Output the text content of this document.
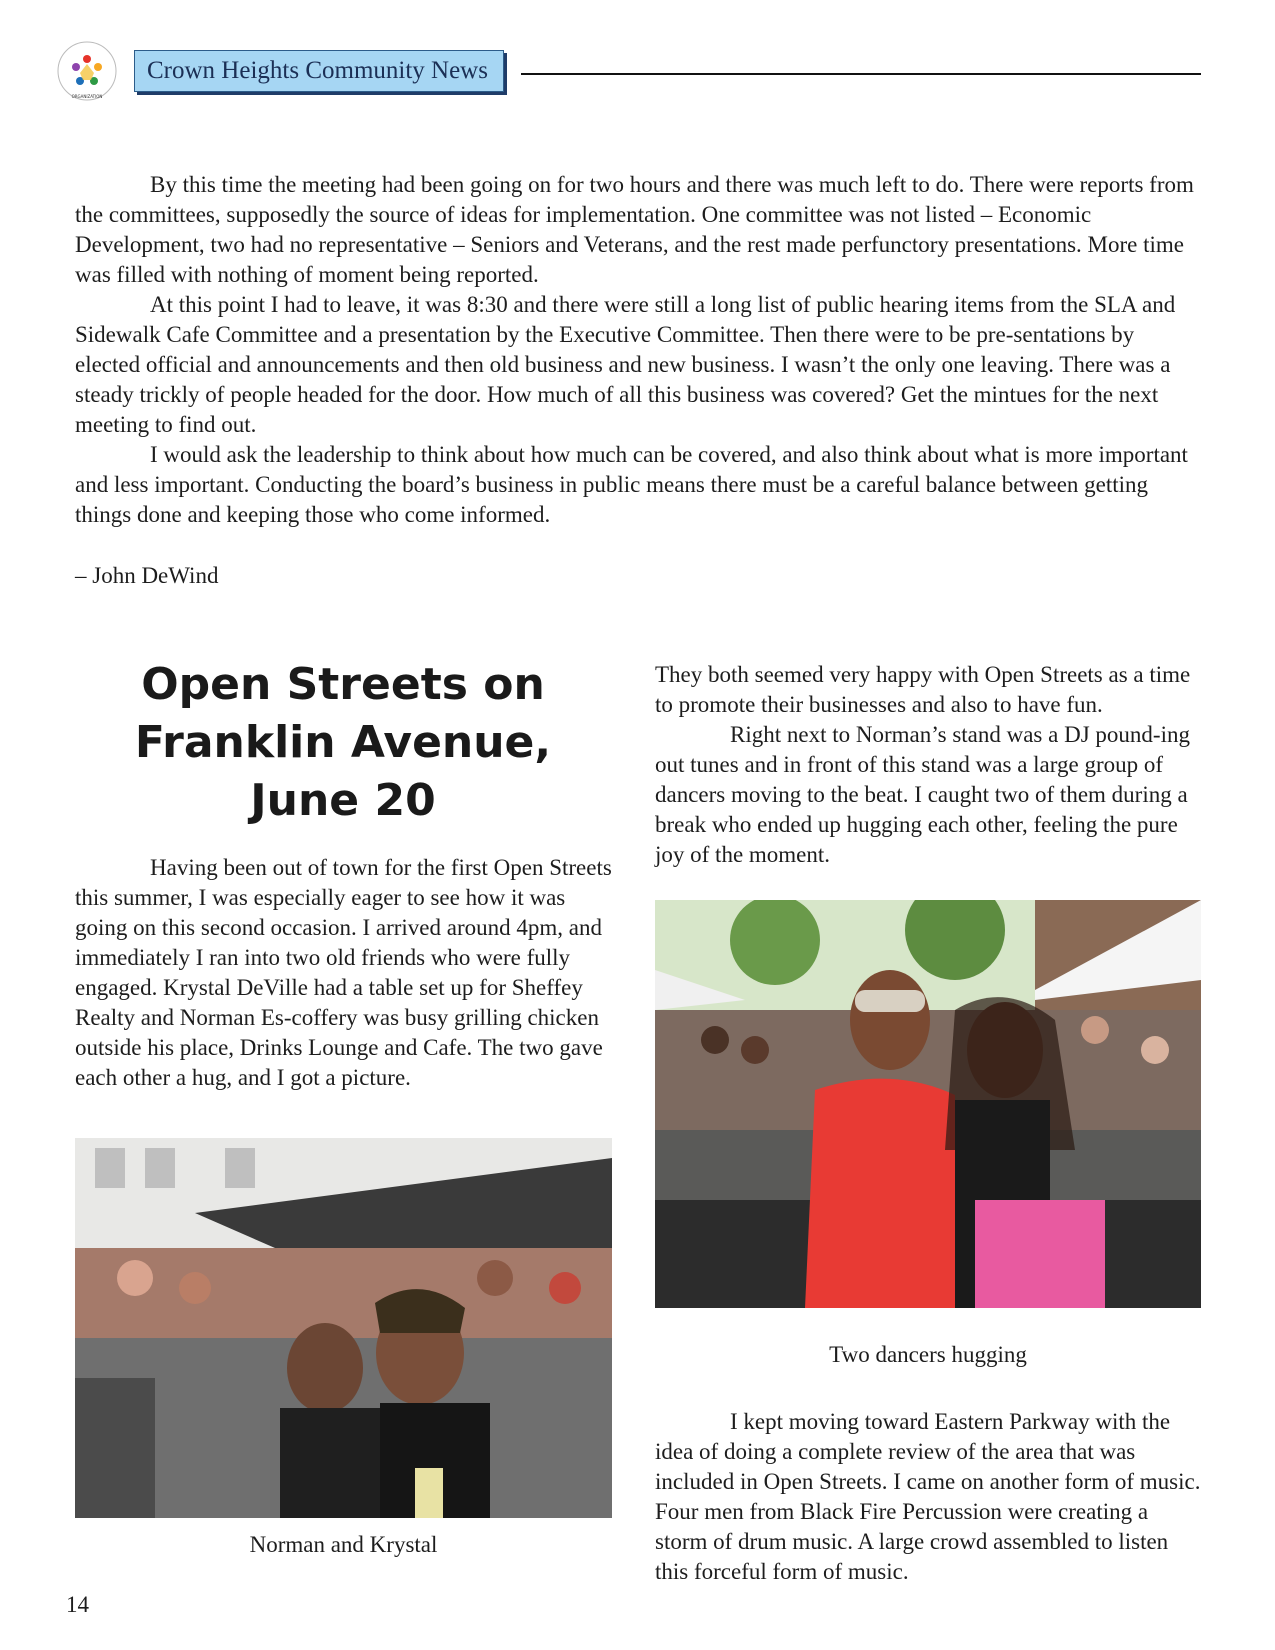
ORGANIZATION
Crown Heights Community News

By this time the meeting had been going on for two hours and there was much left to do. There were reports from the committees, supposedly the source of ideas for implementation. One committee was not listed – Economic Development, two had no representative – Seniors and Veterans, and the rest made perfunctory presentations. More time was filled with nothing of moment being reported.

At this point I had to leave, it was 8:30 and there were still a long list of public hearing items from the SLA and Sidewalk Cafe Committee and a presentation by the Executive Committee. Then there were to be pre-sentations by elected official and announcements and then old business and new business. I wasn’t the only one leaving. There was a steady trickly of people headed for the door. How much of all this business was covered? Get the mintues for the next meeting to find out.

I would ask the leadership to think about how much can be covered, and also think about what is more important and less important. Conducting the board’s business in public means there must be a careful balance between getting things done and keeping those who come informed.

– John DeWind
Open Streets on Franklin Avenue, June 20

Having been out of town for the first Open Streets this summer, I was especially eager to see how it was going on this second occasion. I arrived around 4pm, and immediately I ran into two old friends who were fully engaged. Krystal DeVille had a table set up for Sheffey Realty and Norman Es-coffery was busy grilling chicken outside his place, Drinks Lounge and Cafe. The two gave each other a hug, and I got a picture.

Norman and Krystal

They both seemed very happy with Open Streets as a time to promote their businesses and also to have fun.

Right next to Norman’s stand was a DJ pound-ing out tunes and in front of this stand was a large group of dancers moving to the beat. I caught two of them during a break who ended up hugging each other, feeling the pure joy of the moment.

Two dancers hugging

I kept moving toward Eastern Parkway with the idea of doing a complete review of the area that was included in Open Streets. I came on another form of music. Four men from Black Fire Percussion were creating a storm of drum music. A large crowd assembled to listen this forceful form of music.

14
